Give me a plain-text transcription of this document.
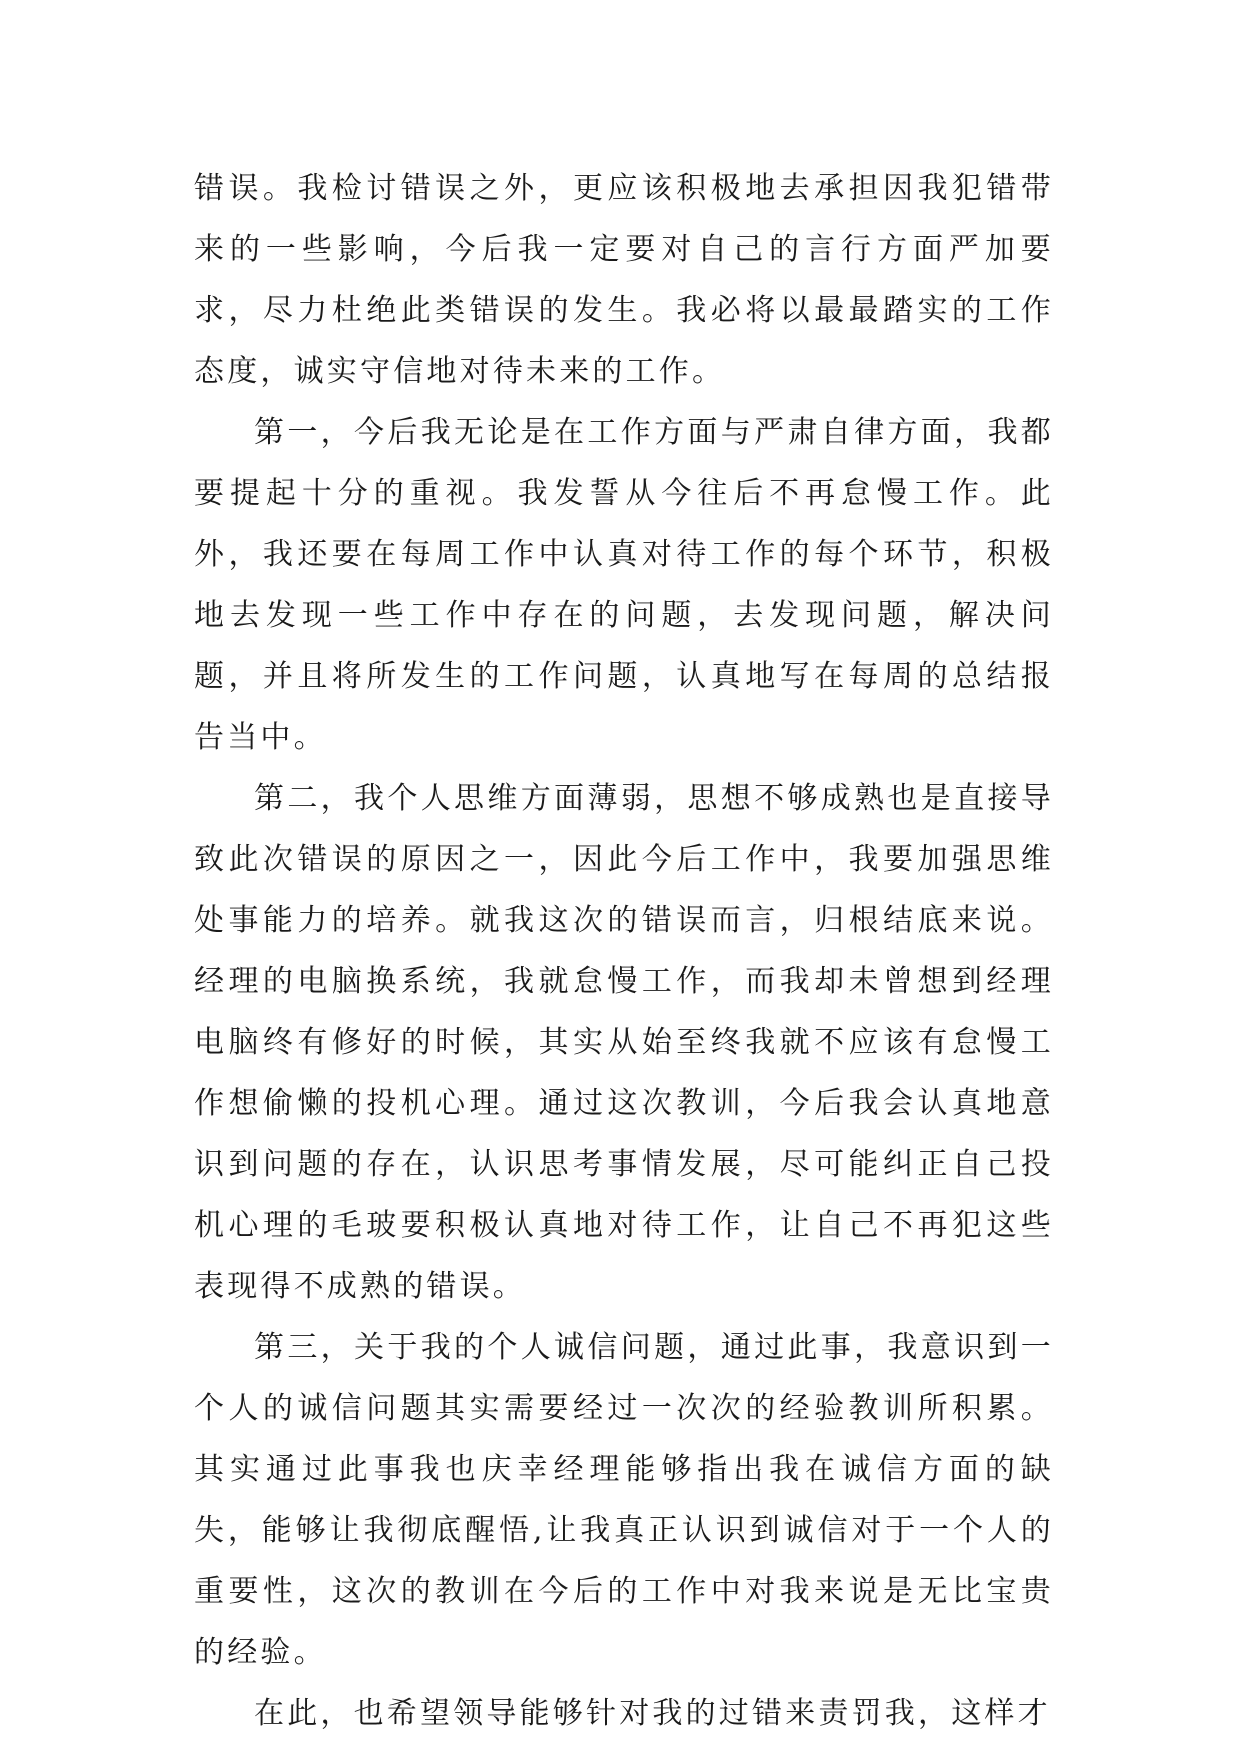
错误。我检讨错误之外，更应该积极地去承担因我犯错带来的一些影响，今后我一定要对自己的言行方面严加要求，尽力杜绝此类错误的发生。我必将以最最踏实的工作态度，诚实守信地对待未来的工作。

第一，今后我无论是在工作方面与严肃自律方面，我都要提起十分的重视。我发誓从今往后不再怠慢工作。此外，我还要在每周工作中认真对待工作的每个环节，积极地去发现一些工作中存在的问题，去发现问题，解决问题，并且将所发生的工作问题，认真地写在每周的总结报告当中。

第二，我个人思维方面薄弱，思想不够成熟也是直接导致此次错误的原因之一，因此今后工作中，我要加强思维处事能力的培养。就我这次的错误而言，归根结底来说。经理的电脑换系统，我就怠慢工作，而我却未曾想到经理电脑终有修好的时候，其实从始至终我就不应该有怠慢工作想偷懒的投机心理。通过这次教训，今后我会认真地意识到问题的存在，认识思考事情发展，尽可能纠正自己投机心理的毛玻要积极认真地对待工作，让自己不再犯这些表现得不成熟的错误。

第三，关于我的个人诚信问题，通过此事，我意识到一个人的诚信问题其实需要经过一次次的经验教训所积累。其实通过此事我也庆幸经理能够指出我在诚信方面的缺失，能够让我彻底醒悟,让我真正认识到诚信对于一个人的重要性，这次的教训在今后的工作中对我来说是无比宝贵的经验。

在此，也希望领导能够针对我的过错来责罚我，这样才
